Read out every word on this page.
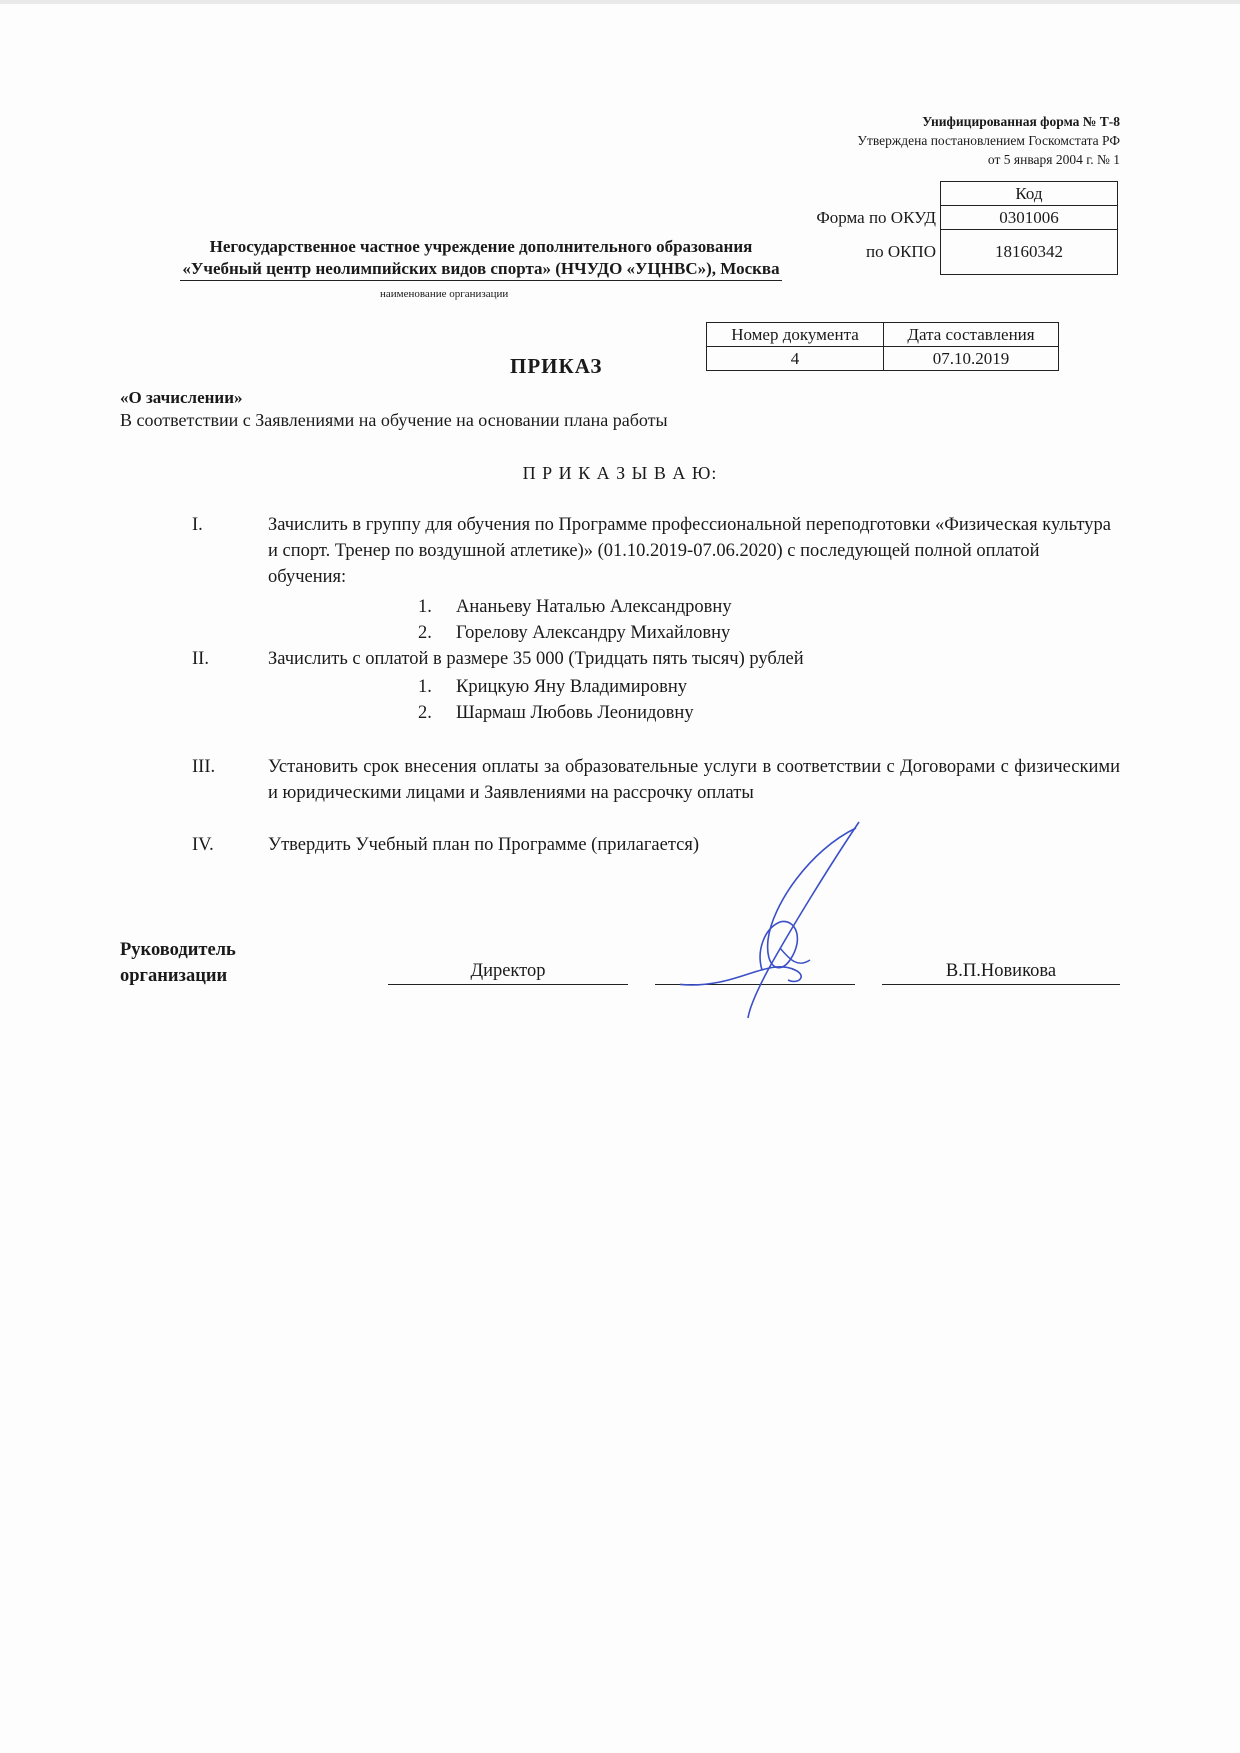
Унифицированная форма № Т-8
Утверждена постановлением Госкомстата РФ
от 5 января 2004 г. № 1
	Код
Форма по ОКУД	0301006
по ОКПО	18160342
Негосударственное частное учреждение дополнительного образования
«Учебный центр неолимпийских видов спорта» (НЧУДО «УЦНВС»), Москва
наименование организации
Номер документа	Дата составления
4	07.10.2019
ПРИКАЗ
«О зачислении»
В соответствии с Заявлениями на обучение на основании плана работы
П Р И К А З Ы В А Ю:
I.	Зачислить в группу для обучения по Программе профессиональной переподготовки «Физическая культура и спорт. Тренер по воздушной атлетике)» (01.10.2019-07.06.2020) с последующей полной оплатой обучения:
1.	Ананьеву Наталью Александровну
2.	Горелову Александру Михайловну
II.	Зачислить с оплатой в размере 35 000 (Тридцать пять тысяч) рублей
1.	Крицкую Яну Владимировну
2.	Шармаш Любовь Леонидовну
III.	Установить срок внесения оплаты за образовательные услуги в соответствии с Договорами с физическими и юридическими лицами и Заявлениями на рассрочку оплаты
IV.	Утвердить Учебный план по Программе (прилагается)
Руководитель
организации	Директор	В.П.Новикова
